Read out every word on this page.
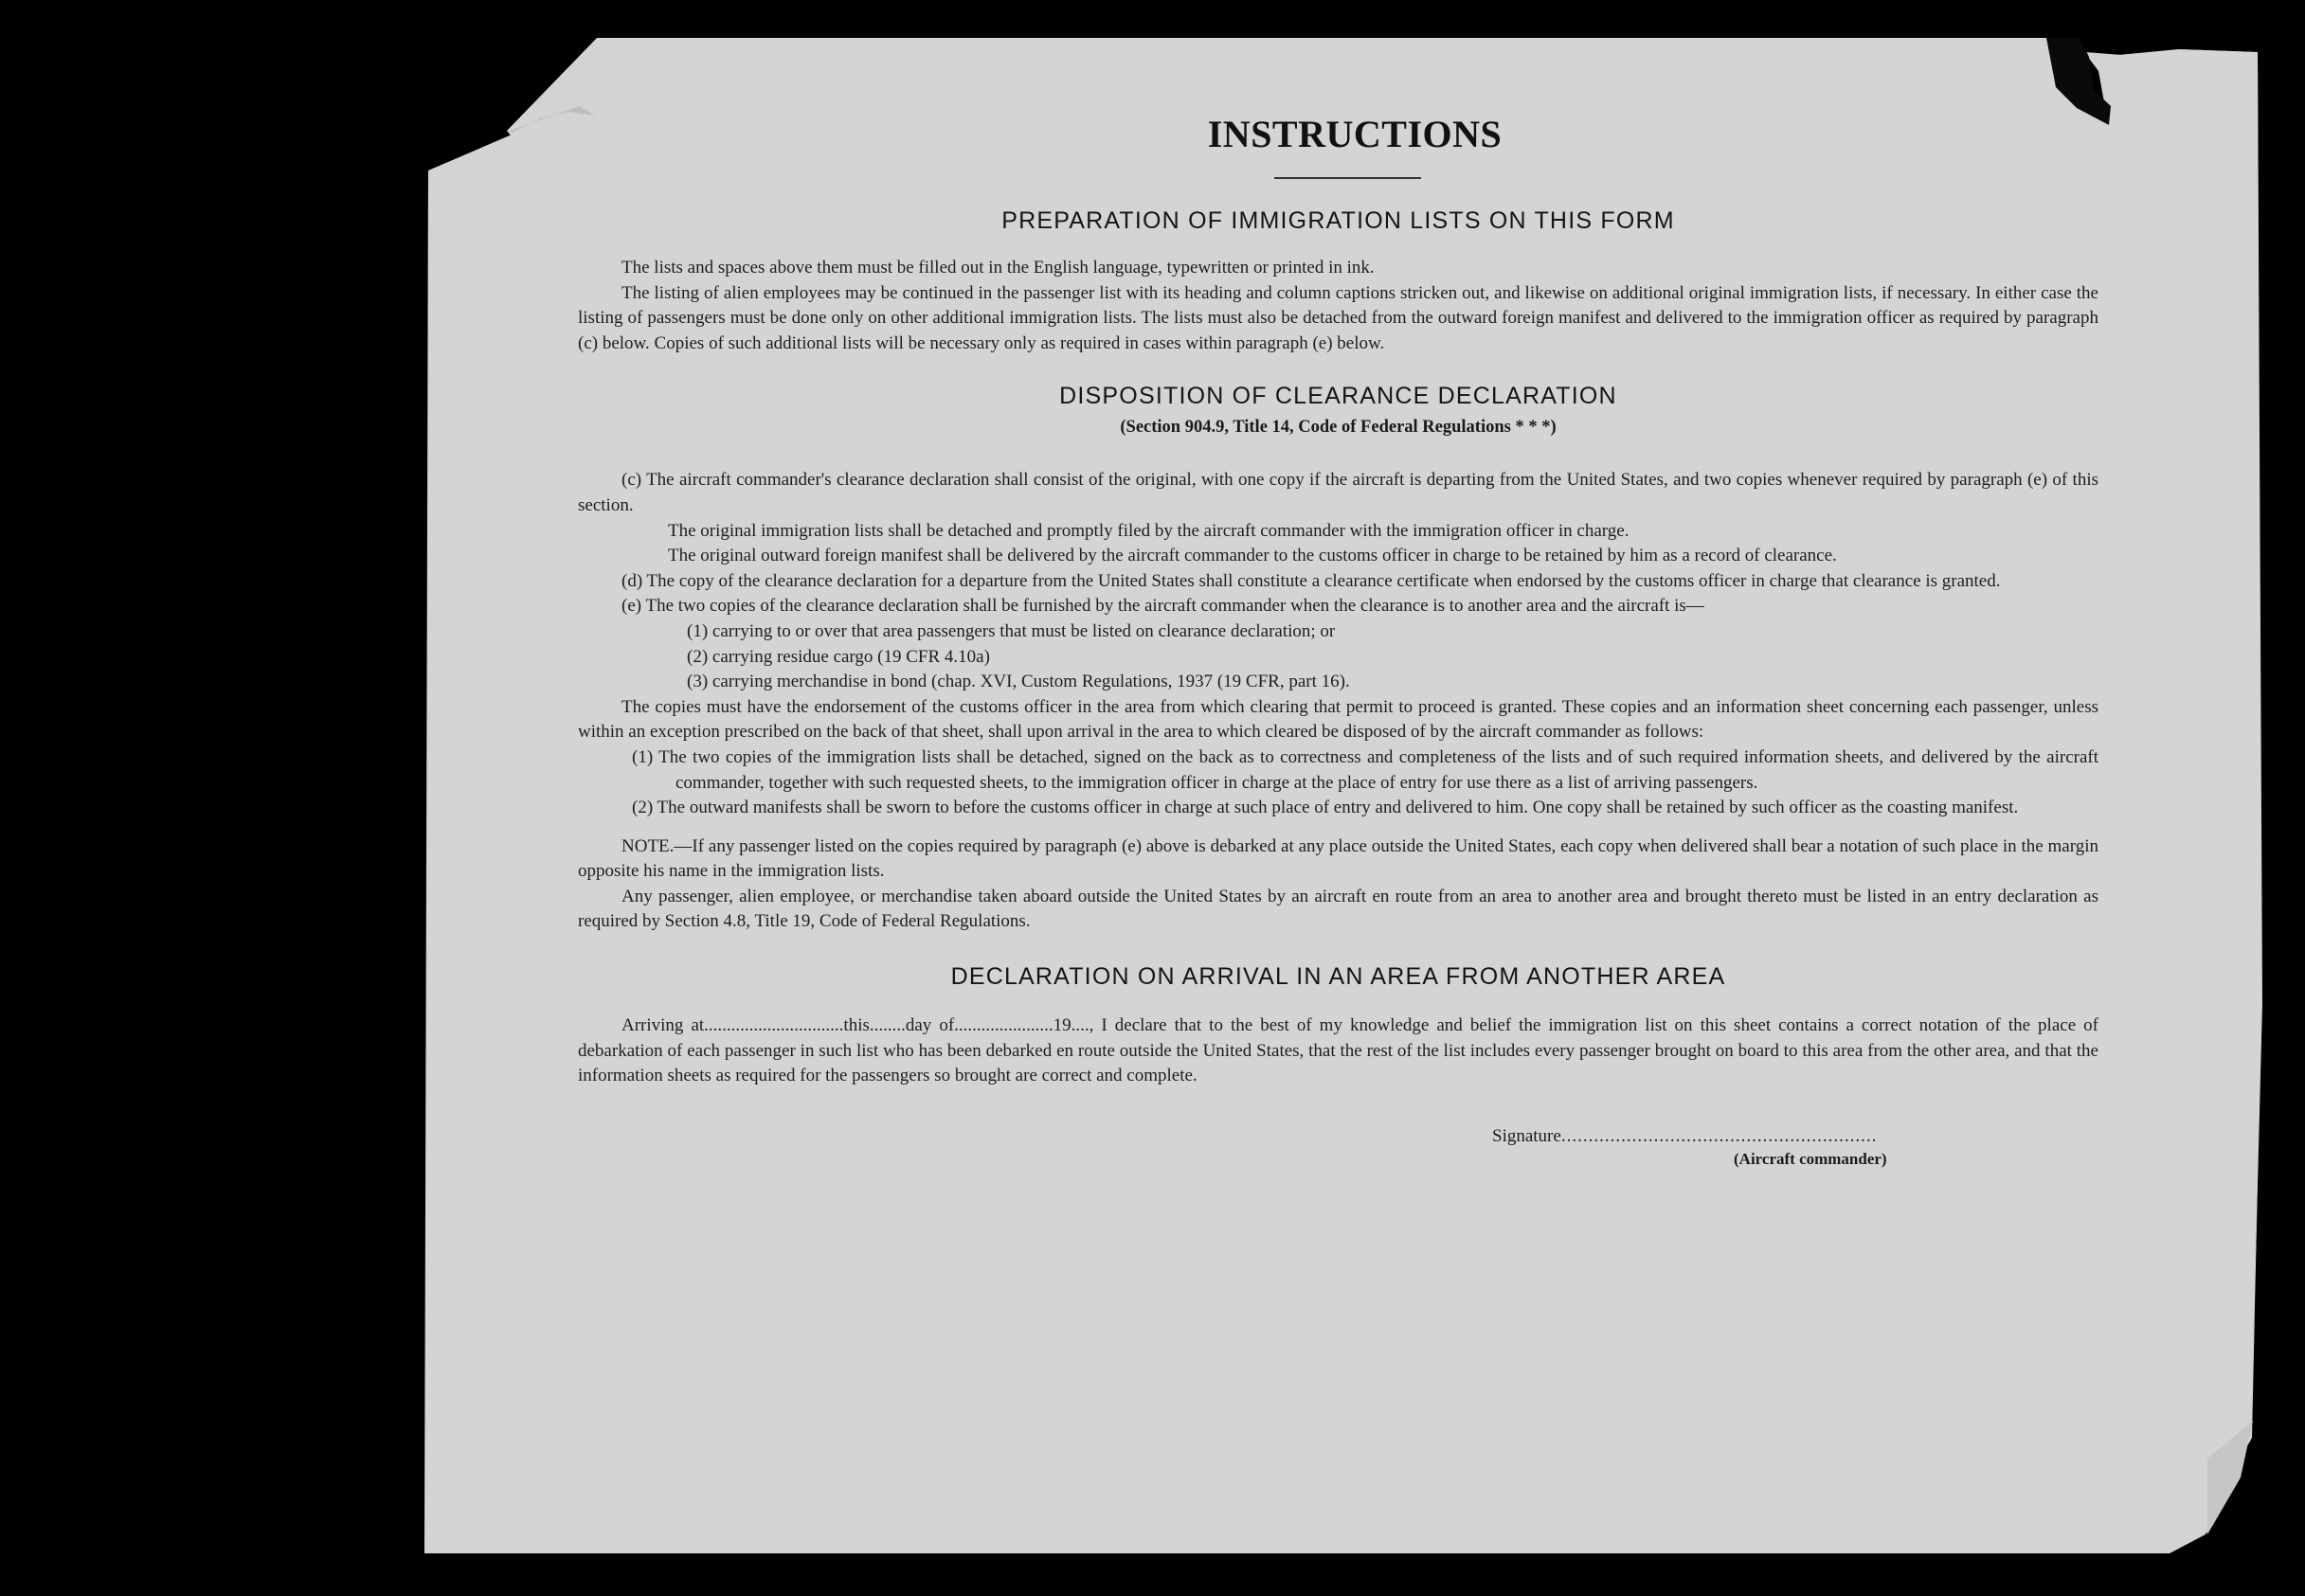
INSTRUCTIONS
PREPARATION OF IMMIGRATION LISTS ON THIS FORM

The lists and spaces above them must be filled out in the English language, typewritten or printed in ink.

The listing of alien employees may be continued in the passenger list with its heading and column captions stricken out, and likewise on additional original immigration lists, if necessary. In either case the listing of passengers must be done only on other additional immigration lists. The lists must also be detached from the outward foreign manifest and delivered to the immigration officer as required by paragraph (c) below. Copies of such additional lists will be necessary only as required in cases within paragraph (e) below.

DISPOSITION OF CLEARANCE DECLARATION
(Section 904.9, Title 14, Code of Federal Regulations * * *)

(c) The aircraft commander's clearance declaration shall consist of the original, with one copy if the aircraft is departing from the United States, and two copies whenever required by paragraph (e) of this section.

The original immigration lists shall be detached and promptly filed by the aircraft commander with the immigration officer in charge.

The original outward foreign manifest shall be delivered by the aircraft commander to the customs officer in charge to be retained by him as a record of clearance.

(d) The copy of the clearance declaration for a departure from the United States shall constitute a clearance certificate when endorsed by the customs officer in charge that clearance is granted.

(e) The two copies of the clearance declaration shall be furnished by the aircraft commander when the clearance is to another area and the aircraft is—

(1) carrying to or over that area passengers that must be listed on clearance declaration; or

(2) carrying residue cargo (19 CFR 4.10a)

(3) carrying merchandise in bond (chap. XVI, Custom Regulations, 1937 (19 CFR, part 16).

The copies must have the endorsement of the customs officer in the area from which clearing that permit to proceed is granted. These copies and an information sheet concerning each passenger, unless within an exception prescribed on the back of that sheet, shall upon arrival in the area to which cleared be disposed of by the aircraft commander as follows:

(1) The two copies of the immigration lists shall be detached, signed on the back as to correctness and completeness of the lists and of such required information sheets, and delivered by the aircraft commander, together with such requested sheets, to the immigration officer in charge at the place of entry for use there as a list of arriving passengers.

(2) The outward manifests shall be sworn to before the customs officer in charge at such place of entry and delivered to him. One copy shall be retained by such officer as the coasting manifest.

NOTE.—If any passenger listed on the copies required by paragraph (e) above is debarked at any place outside the United States, each copy when delivered shall bear a notation of such place in the margin opposite his name in the immigration lists.

Any passenger, alien employee, or merchandise taken aboard outside the United States by an aircraft en route from an area to another area and brought thereto must be listed in an entry declaration as required by Section 4.8, Title 19, Code of Federal Regulations.

DECLARATION ON ARRIVAL IN AN AREA FROM ANOTHER AREA

Arriving at...............................this........day of......................19...., I declare that to the best of my knowledge and belief the immigration list on this sheet contains a correct notation of the place of debarkation of each passenger in such list who has been debarked en route outside the United States, that the rest of the list includes every passenger brought on board to this area from the other area, and that the information sheets as required for the passengers so brought are correct and complete.

Signature..........................................................
(Aircraft commander)
